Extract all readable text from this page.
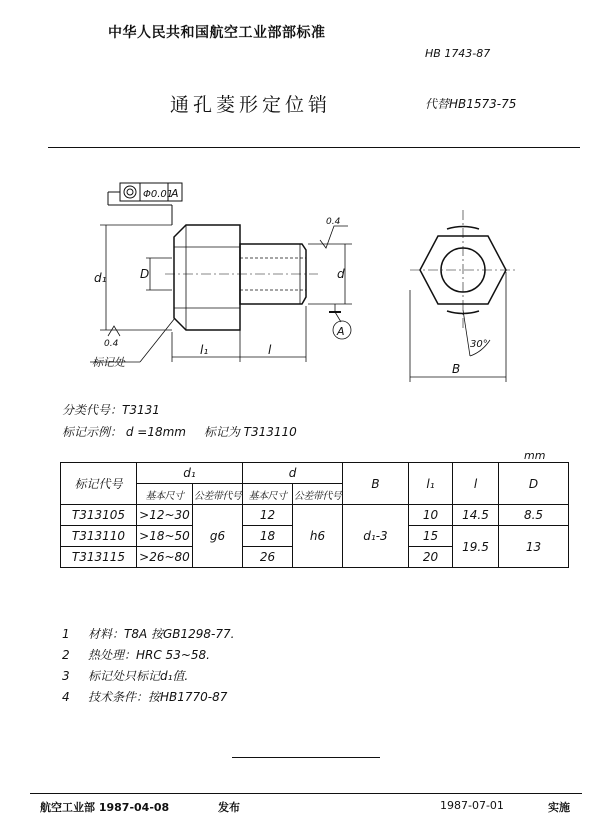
中华人民共和国航空工业部部标准
HB 1743-87
通孔菱形定位销	代替HB1573-75
Φ0.01
A
d₁	D	d
l₁	l
0.4
A
0.4
标记处	B
30°
分类代号：T3131
标记示例： d =18mm 标记为 T313110
mm
标记代号	d₁		d		B	l₁	l	D
	基本尺寸	公差带代号	基本尺寸	公差带代号				
T313105	>12~30	g6	12	h6	d₁-3	10	14.5	8.5
T313110	>18~50		18			15	19.5	13
T313115	>26~80		26			20		
1 材料：T8A 按GB1298-77.
2 热处理：HRC 53~58.
3 标记处只标记d₁值.
4 技术条件：按HB1770-87
航空工业部 1987-04-08	发布	1987-07-01	实施
